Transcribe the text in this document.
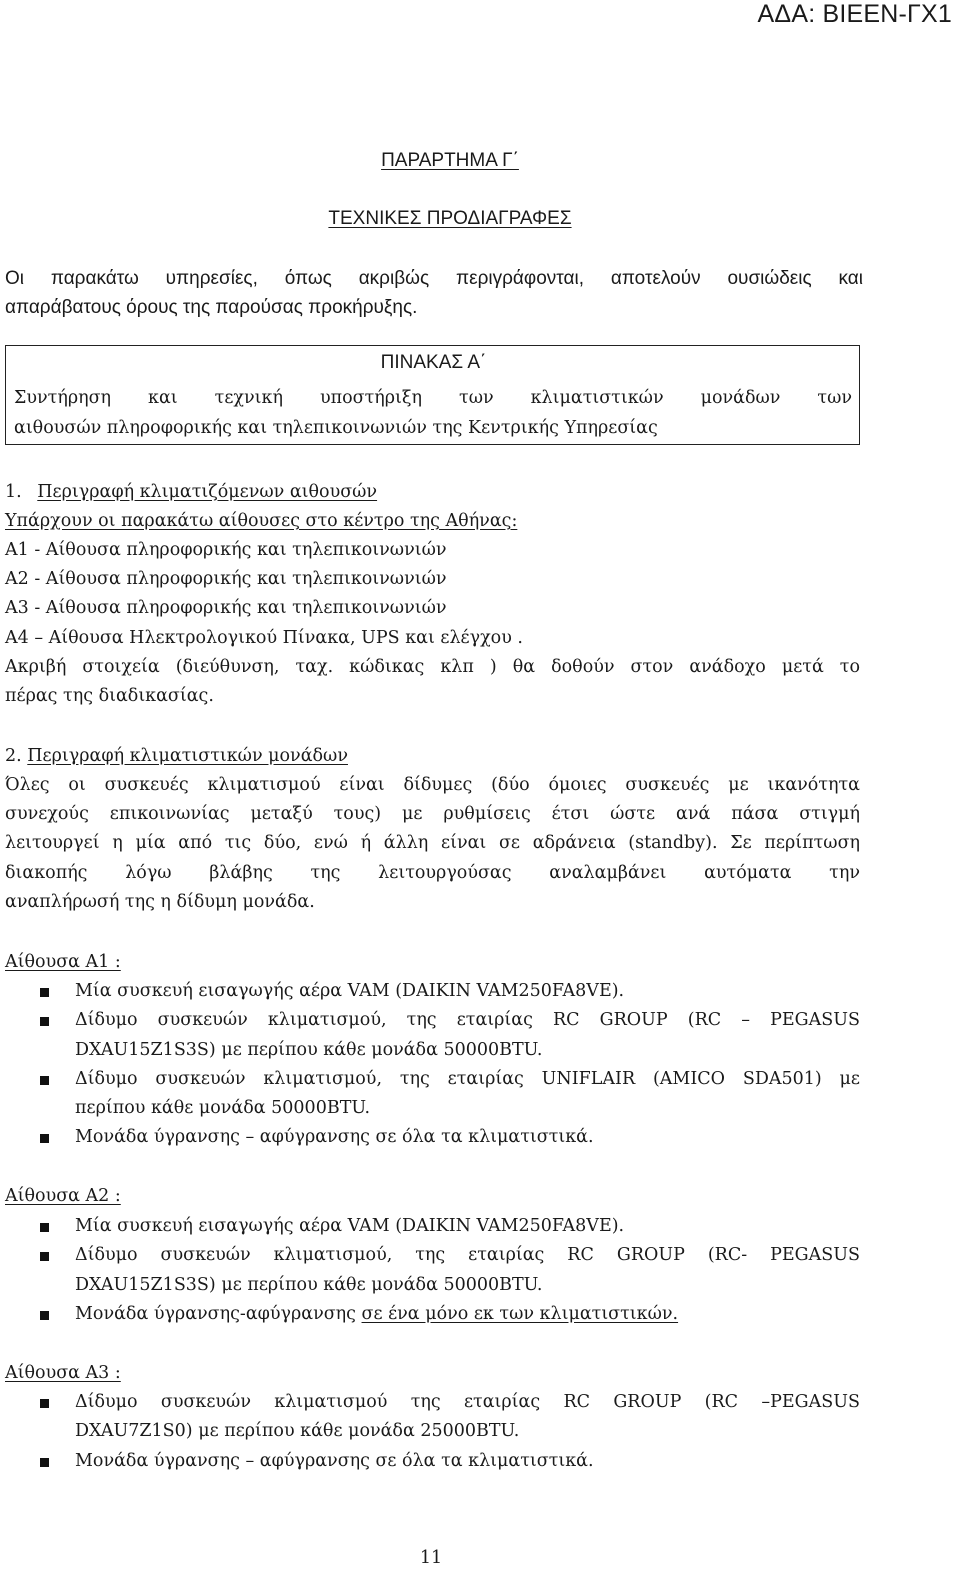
ΑΔΑ: ΒΙΕΕΝ-ΓΧ1
ΠΑΡΑΡΤΗΜΑ Γ΄
ΤΕΧΝΙΚΕΣ ΠΡΟΔΙΑΓΡΑΦΕΣ
Οι παρακάτω υπηρεσίες, όπως ακριβώς περιγράφονται, αποτελούν ουσιώδεις και
απαράβατους όρους της παρούσας προκήρυξης.
ΠΙΝΑΚΑΣ Α΄
Συντήρηση και τεχνική υποστήριξη των κλιματιστικών μονάδων των
αιθουσών πληροφορικής και τηλεπικοινωνιών της Κεντρικής Υπηρεσίας
1. Περιγραφή κλιματιζόμενων αιθουσών
Υπάρχουν οι παρακάτω αίθουσες στο κέντρο της Αθήνας:
Α1 - Αίθουσα πληροφορικής και τηλεπικοινωνιών
Α2 - Αίθουσα πληροφορικής και τηλεπικοινωνιών
Α3 - Αίθουσα πληροφορικής και τηλεπικοινωνιών
Α4 – Αίθουσα Ηλεκτρολογικού Πίνακα, UPS και ελέγχου .
Ακριβή στοιχεία (διεύθυνση, ταχ. κώδικας κλπ ) θα δοθούν στον ανάδοχο μετά το
πέρας της διαδικασίας.
2. Περιγραφή κλιματιστικών μονάδων
Όλες οι συσκευές κλιματισμού είναι δίδυμες (δύο όμοιες συσκευές με ικανότητα
συνεχούς επικοινωνίας μεταξύ τους) με ρυθμίσεις έτσι ώστε ανά πάσα στιγμή
λειτουργεί η μία από τις δύο, ενώ ή άλλη είναι σε αδράνεια (standby). Σε περίπτωση
διακοπής λόγω βλάβης της λειτουργούσας αναλαμβάνει αυτόματα την
αναπλήρωσή της η δίδυμη μονάδα.
Αίθουσα Α1 :
Μία συσκευή εισαγωγής αέρα VAM (DAIKIN VAM250FA8VE).
Δίδυμο συσκευών κλιματισμού, της εταιρίας RC GROUP (RC – PEGASUS
DXAU15Z1S3S) με περίπου κάθε μονάδα 50000BTU.
Δίδυμο συσκευών κλιματισμού, της εταιρίας UNIFLAIR (AMICO SDA501) με
περίπου κάθε μονάδα 50000BTU.
Μονάδα ύγρανσης – αφύγρανσης σε όλα τα κλιματιστικά.
Αίθουσα Α2 :
Μία συσκευή εισαγωγής αέρα VAM (DAIKIN VAM250FA8VE).
Δίδυμο συσκευών κλιματισμού, της εταιρίας RC GROUP (RC- PEGASUS
DXAU15Z1S3S) με περίπου κάθε μονάδα 50000BTU.
Μονάδα ύγρανσης-αφύγρανσης σε ένα μόνο εκ των κλιματιστικών.
Αίθουσα Α3 :
Δίδυμο συσκευών κλιματισμού της εταιρίας RC GROUP (RC –PEGASUS
DXAU7Z1S0) με περίπου κάθε μονάδα 25000BTU.
Μονάδα ύγρανσης – αφύγρανσης σε όλα τα κλιματιστικά.
11
